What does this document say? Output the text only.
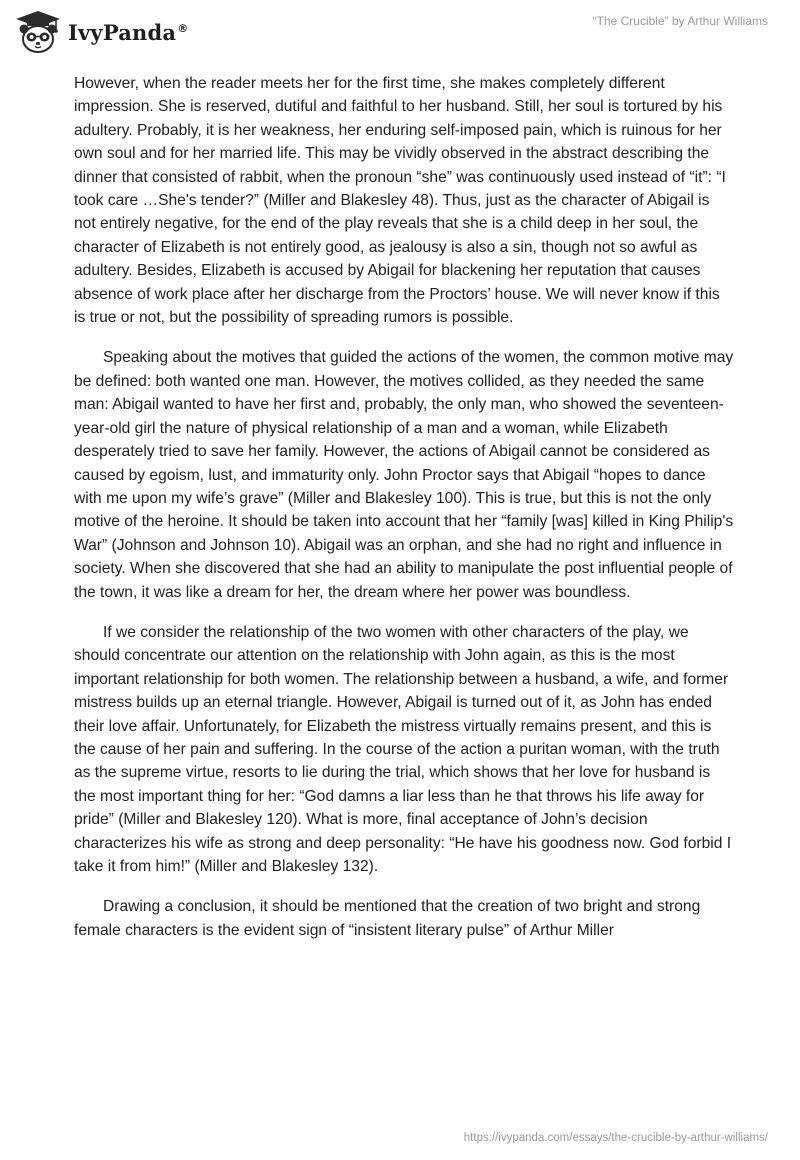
IvyPanda®	“The Crucible” by Arthur Williams

However, when the reader meets her for the first time, she makes completely different impression. She is reserved, dutiful and faithful to her husband. Still, her soul is tortured by his adultery. Probably, it is her weakness, her enduring self-imposed pain, which is ruinous for her own soul and for her married life. This may be vividly observed in the abstract describing the dinner that consisted of rabbit, when the pronoun “she” was continuously used instead of “it”: “I took care …She's tender?” (Miller and Blakesley 48). Thus, just as the character of Abigail is not entirely negative, for the end of the play reveals that she is a child deep in her soul, the character of Elizabeth is not entirely good, as jealousy is also a sin, though not so awful as adultery. Besides, Elizabeth is accused by Abigail for blackening her reputation that causes absence of work place after her discharge from the Proctors’ house. We will never know if this is true or not, but the possibility of spreading rumors is possible.

Speaking about the motives that guided the actions of the women, the common motive may be defined: both wanted one man. However, the motives collided, as they needed the same man: Abigail wanted to have her first and, probably, the only man, who showed the seventeen-year-old girl the nature of physical relationship of a man and a woman, while Elizabeth desperately tried to save her family. However, the actions of Abigail cannot be considered as caused by egoism, lust, and immaturity only. John Proctor says that Abigail “hopes to dance with me upon my wife’s grave” (Miller and Blakesley 100). This is true, but this is not the only motive of the heroine. It should be taken into account that her “family [was] killed in King Philip's War” (Johnson and Johnson 10). Abigail was an orphan, and she had no right and influence in society. When she discovered that she had an ability to manipulate the post influential people of the town, it was like a dream for her, the dream where her power was boundless.

If we consider the relationship of the two women with other characters of the play, we should concentrate our attention on the relationship with John again, as this is the most important relationship for both women. The relationship between a husband, a wife, and former mistress builds up an eternal triangle. However, Abigail is turned out of it, as John has ended their love affair. Unfortunately, for Elizabeth the mistress virtually remains present, and this is the cause of her pain and suffering. In the course of the action a puritan woman, with the truth as the supreme virtue, resorts to lie during the trial, which shows that her love for husband is the most important thing for her: “God damns a liar less than he that throws his life away for pride” (Miller and Blakesley 120). What is more, final acceptance of John’s decision characterizes his wife as strong and deep personality: “He have his goodness now. God forbid I take it from him!” (Miller and Blakesley 132).

Drawing a conclusion, it should be mentioned that the creation of two bright and strong female characters is the evident sign of “insistent literary pulse” of Arthur Miller

https://ivypanda.com/essays/the-crucible-by-arthur-williams/
